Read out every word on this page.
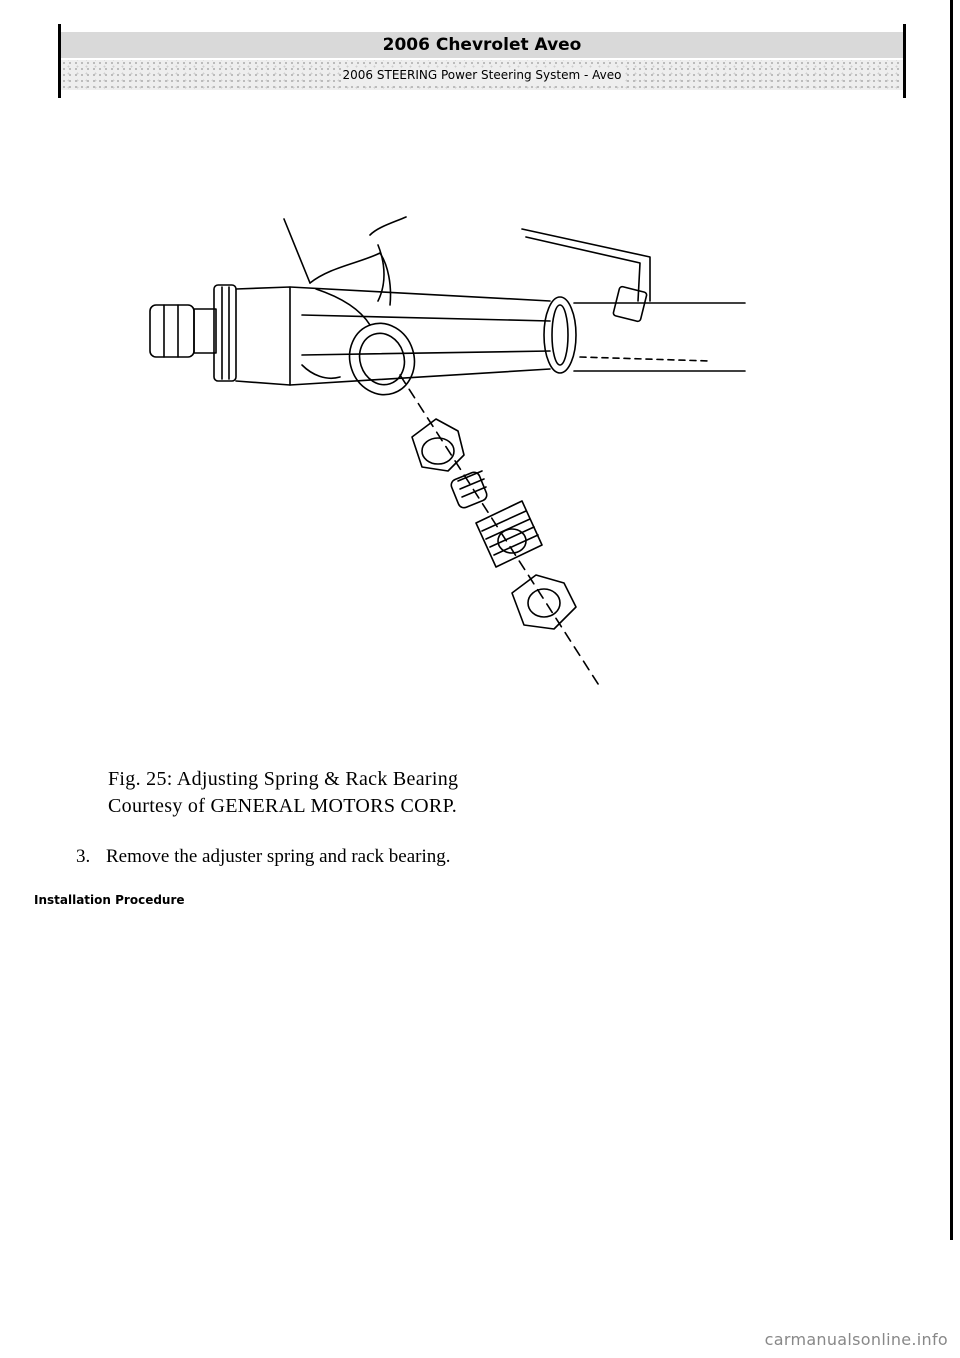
2006 Chevrolet Aveo
2006 STEERING Power Steering System - Aveo
Fig. 25: Adjusting Spring & Rack Bearing
Courtesy of GENERAL MOTORS CORP.
3. Remove the adjuster spring and rack bearing.
Installation Procedure
carmanualsonline.info
